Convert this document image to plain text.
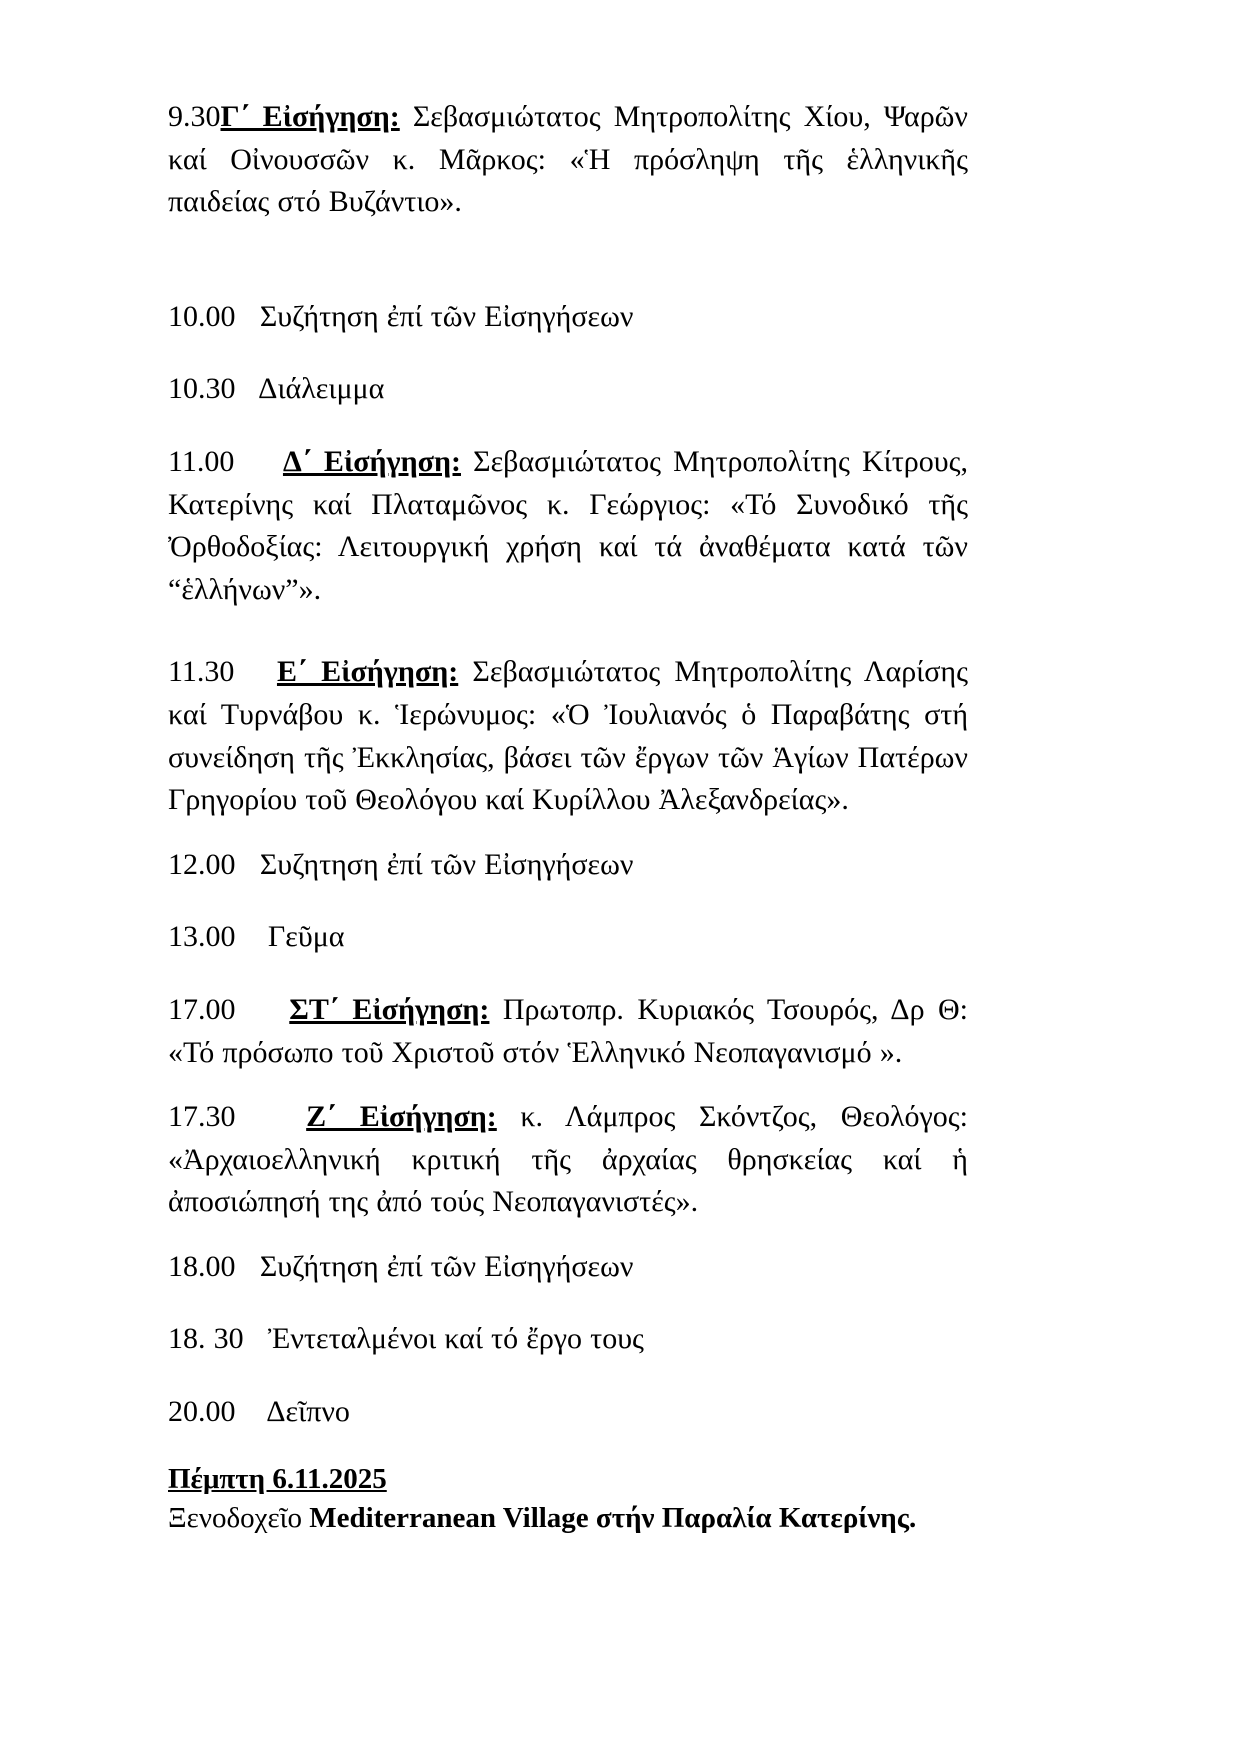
9.30Γ΄ Εἰσήγηση: Σεβασμιώτατος Μητροπολίτης Χίου, Ψαρῶν καί Οἰνουσσῶν κ. Μᾶρκος: «Ἡ πρόσληψη τῆς ἑλληνικῆς παιδείας στό Βυζάντιο».
10.00 Συζήτηση ἐπί τῶν Εἰσηγήσεων
10.30 Διάλειμμα
11.00 Δ΄ Εἰσήγηση: Σεβασμιώτατος Μητροπολίτης Κίτρους, Κατερίνης καί Πλαταμῶνος κ. Γεώργιος: «Τό Συνοδικό τῆς Ὀρθοδοξίας: Λειτουργική χρήση καί τά ἀναθέματα κατά τῶν “ἑλλήνων”».
11.30 Ε΄ Εἰσήγηση: Σεβασμιώτατος Μητροπολίτης Λαρίσης καί Τυρνάβου κ. Ἱερώνυμος: «Ὁ Ἰουλιανός ὁ Παραβάτης στή συνείδηση τῆς Ἐκκλησίας, βάσει τῶν ἔργων τῶν Ἁγίων Πατέρων Γρηγορίου τοῦ Θεολόγου καί Κυρίλλου Ἀλεξανδρείας».
12.00 Συζητηση ἐπί τῶν Εἰσηγήσεων
13.00 Γεῦμα
17.00 ΣΤ΄ Εἰσήγηση: Πρωτοπρ. Κυριακός Τσουρός, Δρ Θ: «Τό πρόσωπο τοῦ Χριστοῦ στόν Ἑλληνικό Νεοπαγανισμό ».
17.30 Ζ΄ Εἰσήγηση: κ. Λάμπρος Σκόντζος, Θεολόγος: «Ἀρχαιοελληνική κριτική τῆς ἀρχαίας θρησκείας καί ἡ ἀποσιώπησή της ἀπό τούς Νεοπαγανιστές».
18.00 Συζήτηση ἐπί τῶν Εἰσηγήσεων
18. 30 Ἐντεταλμένοι καί τό ἔργο τους
20.00 Δεῖπνο
Πέμπτη 6.11.2025
Ξενοδοχεῖο Mediterranean Village στήν Παραλία Κατερίνης.
